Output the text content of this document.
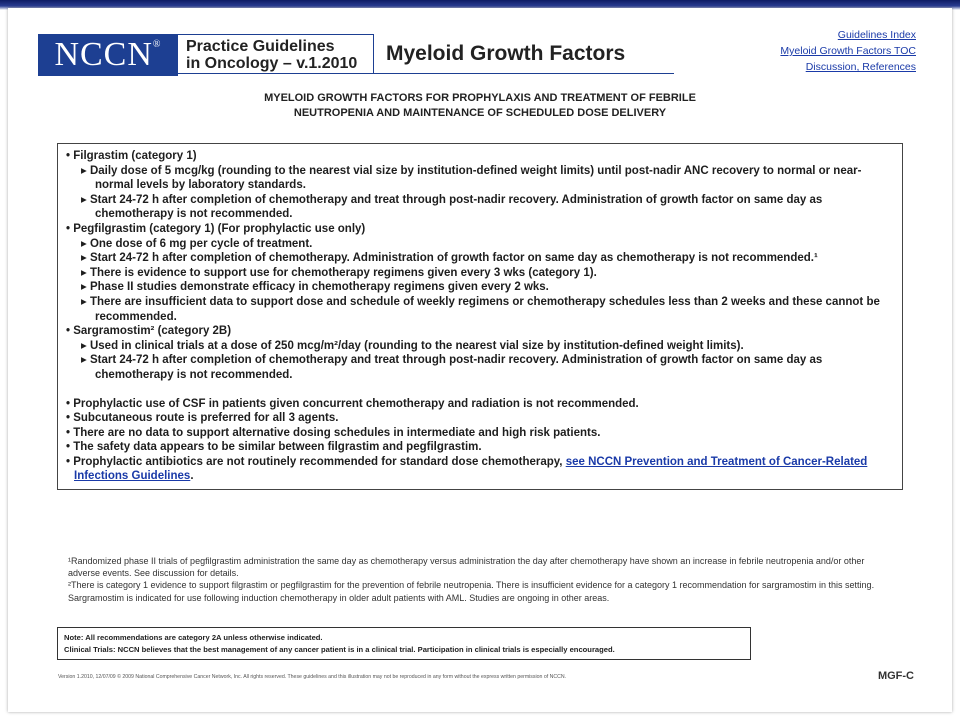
NCCN®	Practice Guidelines
in Oncology – v.1.2010	Myeloid Growth Factors
Guidelines Index
Myeloid Growth Factors TOC
Discussion, References
MYELOID GROWTH FACTORS FOR PROPHYLAXIS AND TREATMENT OF FEBRILE
NEUTROPENIA AND MAINTENANCE OF SCHEDULED DOSE DELIVERY

• Filgrastim (category 1)

▸ Daily dose of 5 mcg/kg (rounding to the nearest vial size by institution-defined weight limits) until post-nadir ANC recovery to normal or near-normal levels by laboratory standards.

▸ Start 24-72 h after completion of chemotherapy and treat through post-nadir recovery. Administration of growth factor on same day as chemotherapy is not recommended.

• Pegfilgrastim (category 1) (For prophylactic use only)

▸ One dose of 6 mg per cycle of treatment.

▸ Start 24-72 h after completion of chemotherapy. Administration of growth factor on same day as chemotherapy is not recommended.¹

▸ There is evidence to support use for chemotherapy regimens given every 3 wks (category 1).

▸ Phase II studies demonstrate efficacy in chemotherapy regimens given every 2 wks.

▸ There are insufficient data to support dose and schedule of weekly regimens or chemotherapy schedules less than 2 weeks and these cannot be recommended.

• Sargramostim² (category 2B)

▸ Used in clinical trials at a dose of 250 mcg/m²/day (rounding to the nearest vial size by institution-defined weight limits).

▸ Start 24-72 h after completion of chemotherapy and treat through post-nadir recovery. Administration of growth factor on same day as chemotherapy is not recommended.

• Prophylactic use of CSF in patients given concurrent chemotherapy and radiation is not recommended.

• Subcutaneous route is preferred for all 3 agents.

• There are no data to support alternative dosing schedules in intermediate and high risk patients.

• The safety data appears to be similar between filgrastim and pegfilgrastim.

• Prophylactic antibiotics are not routinely recommended for standard dose chemotherapy, see NCCN Prevention and Treatment of Cancer-Related Infections Guidelines.

¹Randomized phase II trials of pegfilgrastim administration the same day as chemotherapy versus administration the day after chemotherapy have shown an increase in febrile neutropenia and/or other adverse events. See discussion for details.

²There is category 1 evidence to support filgrastim or pegfilgrastim for the prevention of febrile neutropenia. There is insufficient evidence for a category 1 recommendation for sargramostim in this setting. Sargramostim is indicated for use following induction chemotherapy in older adult patients with AML. Studies are ongoing in other areas.

Note: All recommendations are category 2A unless otherwise indicated.

Clinical Trials: NCCN believes that the best management of any cancer patient is in a clinical trial. Participation in clinical trials is especially encouraged.

Version 1.2010, 12/07/09 © 2009 National Comprehensive Cancer Network, Inc. All rights reserved. These guidelines and this illustration may not be reproduced in any form without the express written permission of NCCN.	MGF-C
